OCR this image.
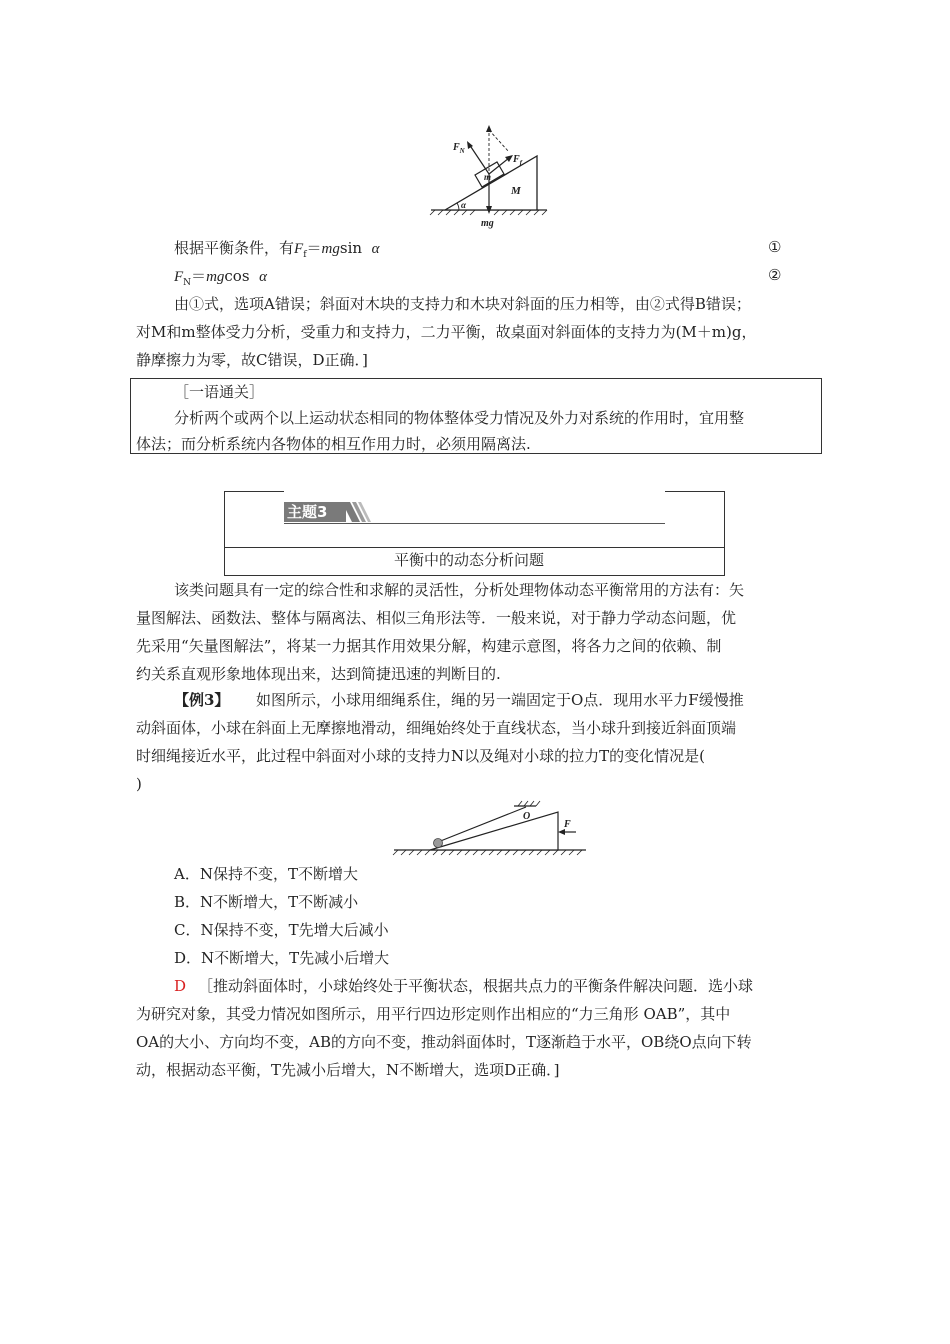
$F_N$
$F_f$
m
M
α
mg
根据平衡条件，有$F_f=mgsin$ α	①
$F_N=mgcos$ α	②
由①式，选项A错误；斜面对木块的支持力和木块对斜面的压力相等，由②式得B错误；
对M和m整体受力分析，受重力和支持力，二力平衡，故桌面对斜面体的支持力为(M＋m)g，
静摩擦力为零，故C错误，D正确．]
［一语通关］
分析两个或两个以上运动状态相同的物体整体受力情况及外力对系统的作用时，宜用整
体法；而分析系统内各物体的相互作用力时，必须用隔离法.
主题3
平衡中的动态分析问题
该类问题具有一定的综合性和求解的灵活性，分析处理物体动态平衡常用的方法有：矢
量图解法、函数法、整体与隔离法、相似三角形法等．一般来说，对于静力学动态问题，优
先采用“矢量图解法”，将某一力据其作用效果分解，构建示意图，将各力之间的依赖、制
约关系直观形象地体现出来，达到简捷迅速的判断目的.
【例3】 如图所示，小球用细绳系住，绳的另一端固定于O点．现用水平力F缓慢推
动斜面体，小球在斜面上无摩擦地滑动，细绳始终处于直线状态，当小球升到接近斜面顶端
时细绳接近水平，此过程中斜面对小球的支持力N以及绳对小球的拉力T的变化情况是(
)
O
F
A．N保持不变，T不断增大
B．N不断增大，T不断减小
C．N保持不变，T先增大后减小
D．N不断增大，T先减小后增大
D ［推动斜面体时，小球始终处于平衡状态，根据共点力的平衡条件解决问题．选小球
为研究对象，其受力情况如图所示，用平行四边形定则作出相应的“力三角形 OAB”，其中
OA的大小、方向均不变，AB的方向不变，推动斜面体时，T逐渐趋于水平，OB绕O点向下转
动，根据动态平衡，T先减小后增大，N不断增大，选项D正确．]
